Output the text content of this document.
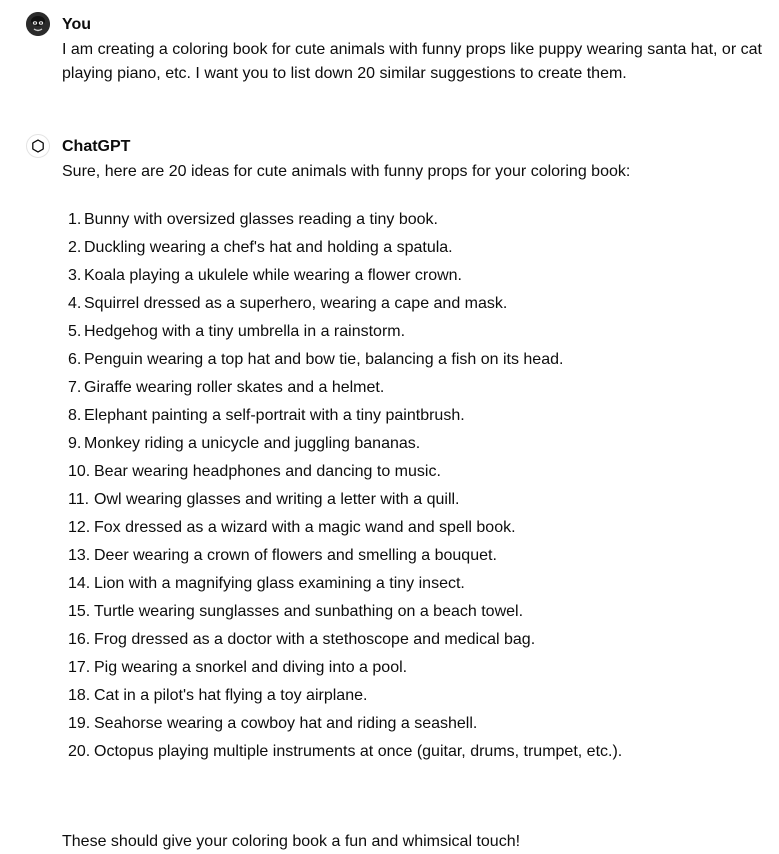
You
I am creating a coloring book for cute animals with funny props like puppy wearing santa hat, or cat playing piano, etc. I want you to list down 20 similar suggestions to create them.
ChatGPT

Sure, here are 20 ideas for cute animals with funny props for your coloring book:

1. Bunny with oversized glasses reading a tiny book.
2. Duckling wearing a chef's hat and holding a spatula.
3. Koala playing a ukulele while wearing a flower crown.
4. Squirrel dressed as a superhero, wearing a cape and mask.
5. Hedgehog with a tiny umbrella in a rainstorm.
6. Penguin wearing a top hat and bow tie, balancing a fish on its head.
7. Giraffe wearing roller skates and a helmet.
8. Elephant painting a self-portrait with a tiny paintbrush.
9. Monkey riding a unicycle and juggling bananas.
10. Bear wearing headphones and dancing to music.
11. Owl wearing glasses and writing a letter with a quill.
12. Fox dressed as a wizard with a magic wand and spell book.
13. Deer wearing a crown of flowers and smelling a bouquet.
14. Lion with a magnifying glass examining a tiny insect.
15. Turtle wearing sunglasses and sunbathing on a beach towel.
16. Frog dressed as a doctor with a stethoscope and medical bag.
17. Pig wearing a snorkel and diving into a pool.
18. Cat in a pilot's hat flying a toy airplane.
19. Seahorse wearing a cowboy hat and riding a seashell.
20. Octopus playing multiple instruments at once (guitar, drums, trumpet, etc.).
These should give your coloring book a fun and whimsical touch!
